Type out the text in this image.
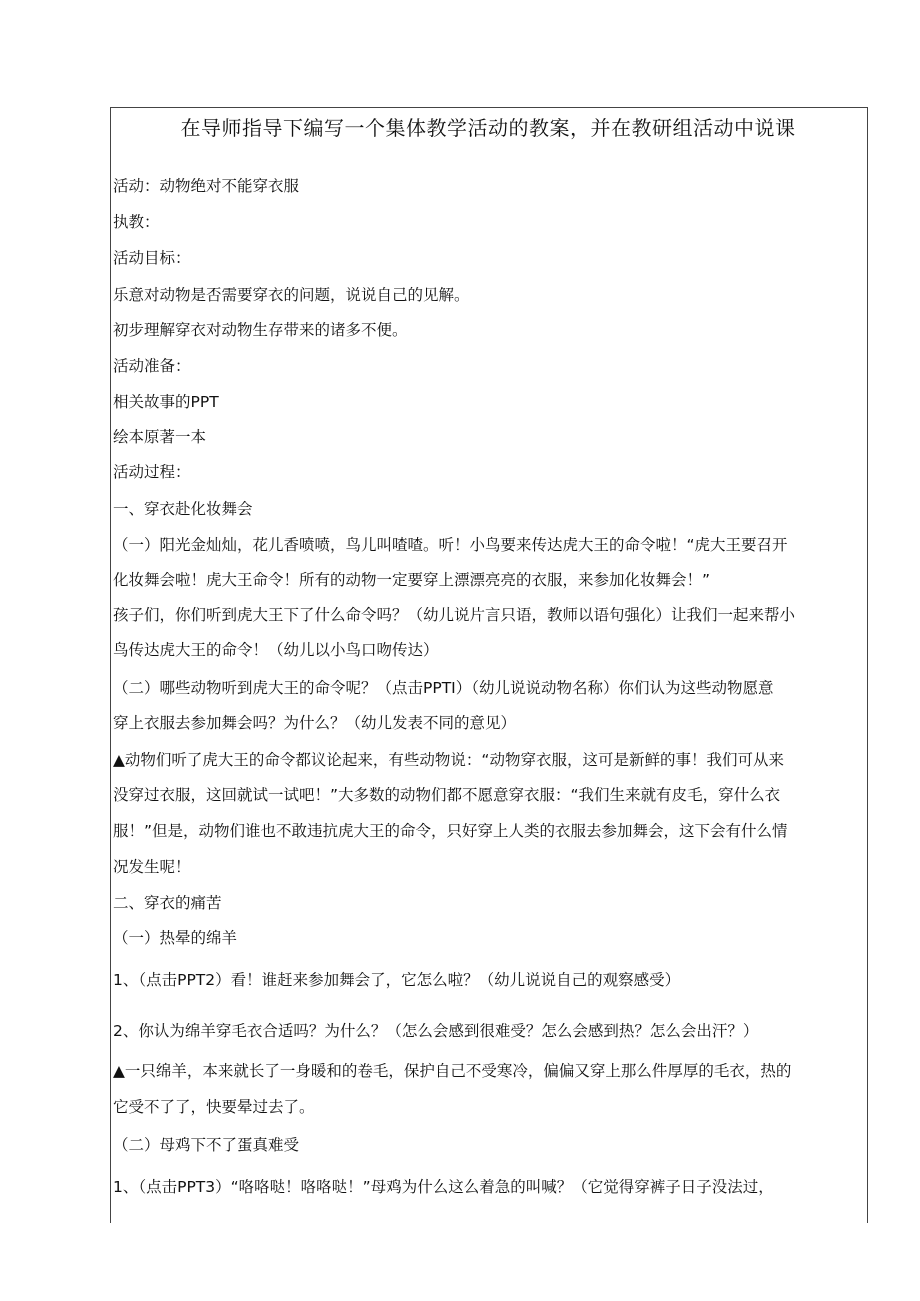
在导师指导下编写一个集体教学活动的教案，并在教研组活动中说课
活动：动物绝对不能穿衣服
执教：
活动目标：
乐意对动物是否需要穿衣的问题，说说自己的见解。
初步理解穿衣对动物生存带来的诸多不便。
活动准备：
相关故事的PPT
绘本原著一本
活动过程：
一、穿衣赴化妆舞会
（一）阳光金灿灿，花儿香喷喷，鸟儿叫喳喳。听！小鸟要来传达虎大王的命令啦！“虎大王要召开
化妆舞会啦！虎大王命令！所有的动物一定要穿上漂漂亮亮的衣服，来参加化妆舞会！”
孩子们，你们听到虎大王下了什么命令吗？（幼儿说片言只语，教师以语句强化）让我们一起来帮小
鸟传达虎大王的命令！（幼儿以小鸟口吻传达）
（二）哪些动物听到虎大王的命令呢？（点击PPTI）（幼儿说说动物名称）你们认为这些动物愿意
穿上衣服去参加舞会吗？为什么？（幼儿发表不同的意见）
▲动物们听了虎大王的命令都议论起来，有些动物说：“动物穿衣服，这可是新鲜的事！我们可从来
没穿过衣服，这回就试一试吧！”大多数的动物们都不愿意穿衣服：“我们生来就有皮毛，穿什么衣
服！”但是，动物们谁也不敢违抗虎大王的命令，只好穿上人类的衣服去参加舞会，这下会有什么情
况发生呢！
二、穿衣的痛苦
（一）热晕的绵羊
1、（点击PPT2）看！谁赶来参加舞会了，它怎么啦？（幼儿说说自己的观察感受）
2、你认为绵羊穿毛衣合适吗？为什么？（怎么会感到很难受？怎么会感到热？怎么会出汗？）
▲一只绵羊，本来就长了一身暖和的卷毛，保护自己不受寒冷，偏偏又穿上那么件厚厚的毛衣，热的
它受不了了，快要晕过去了。
（二）母鸡下不了蛋真难受
1、（点击PPT3）“咯咯哒！咯咯哒！”母鸡为什么这么着急的叫喊？（它觉得穿裤子日子没法过，
